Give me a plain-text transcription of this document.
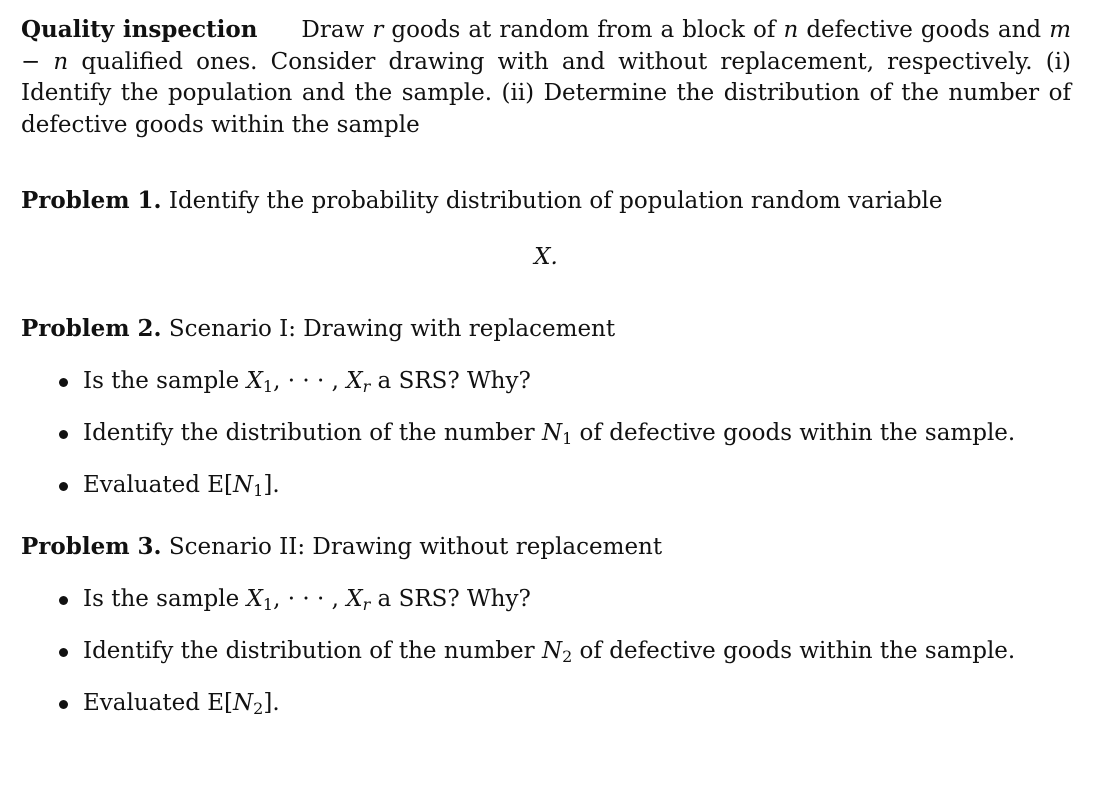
Quality inspection Draw r goods at random from a block of n defective goods and m − n qualified ones. Consider drawing with and without replacement, respectively. (i) Identify the population and the sample. (ii) Determine the distribution of the number of defective goods within the sample

Problem 1. Identify the probability distribution of population random variable

X.

Problem 2. Scenario I: Drawing with replacement

Is the sample $X_1$, · · · , $X_r$ a SRS? Why?
Identify the distribution of the number $N_1$ of defective goods within the sample.
Evaluated $E[N_1]$.

Problem 3. Scenario II: Drawing without replacement

Is the sample $X_1$, · · · , $X_r$ a SRS? Why?
Identify the distribution of the number $N_2$ of defective goods within the sample.
Evaluated $E[N_2]$.
